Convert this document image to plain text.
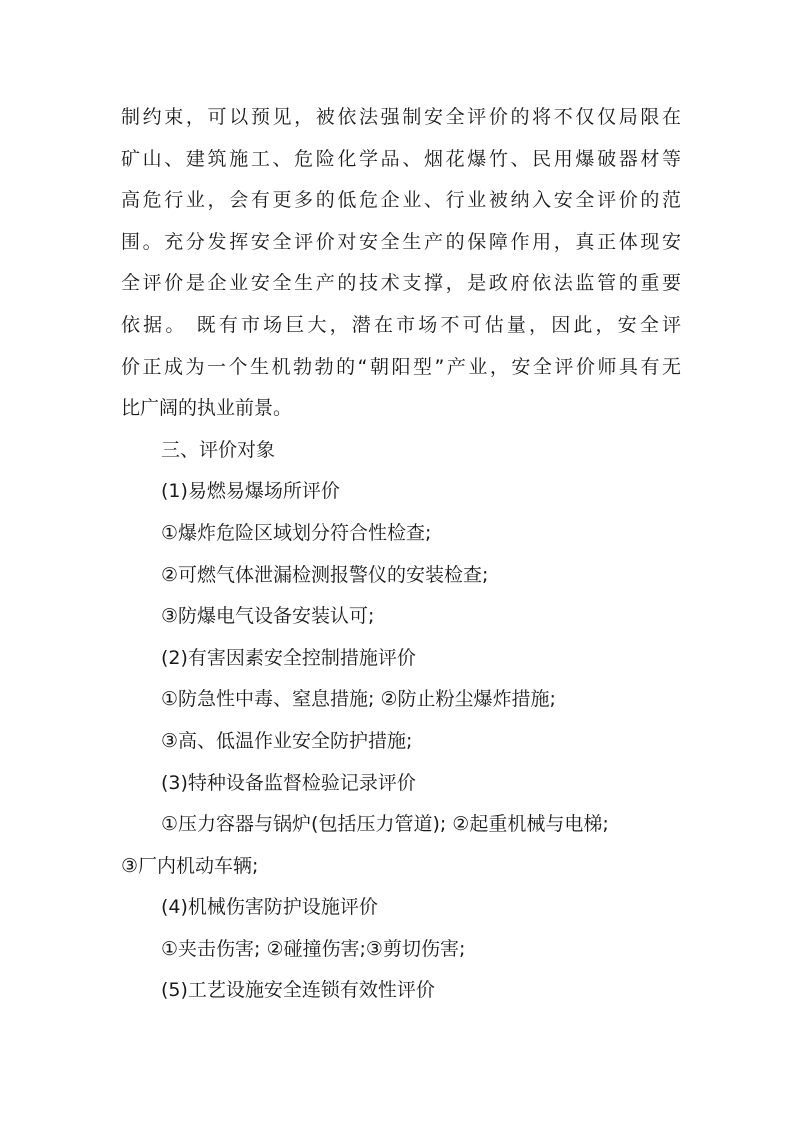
制约束，可以预见，被依法强制安全评价的将不仅仅局限在
矿山、建筑施工、危险化学品、烟花爆竹、民用爆破器材等
高危行业，会有更多的低危企业、行业被纳入安全评价的范
围。充分发挥安全评价对安全生产的保障作用，真正体现安
全评价是企业安全生产的技术支撑，是政府依法监管的重要
依据。 既有市场巨大，潜在市场不可估量，因此，安全评
价正成为一个生机勃勃的“朝阳型”产业，安全评价师具有无
比广阔的执业前景。
三、评价对象
(1)易燃易爆场所评价
①爆炸危险区域划分符合性检查;
②可燃气体泄漏检测报警仪的安装检查;
③防爆电气设备安装认可;
(2)有害因素安全控制措施评价
①防急性中毒、窒息措施; ②防止粉尘爆炸措施;
③高、低温作业安全防护措施;
(3)特种设备监督检验记录评价
①压力容器与锅炉(包括压力管道); ②起重机械与电梯;
③厂内机动车辆;
(4)机械伤害防护设施评价
①夹击伤害; ②碰撞伤害;③剪切伤害;
(5)工艺设施安全连锁有效性评价
